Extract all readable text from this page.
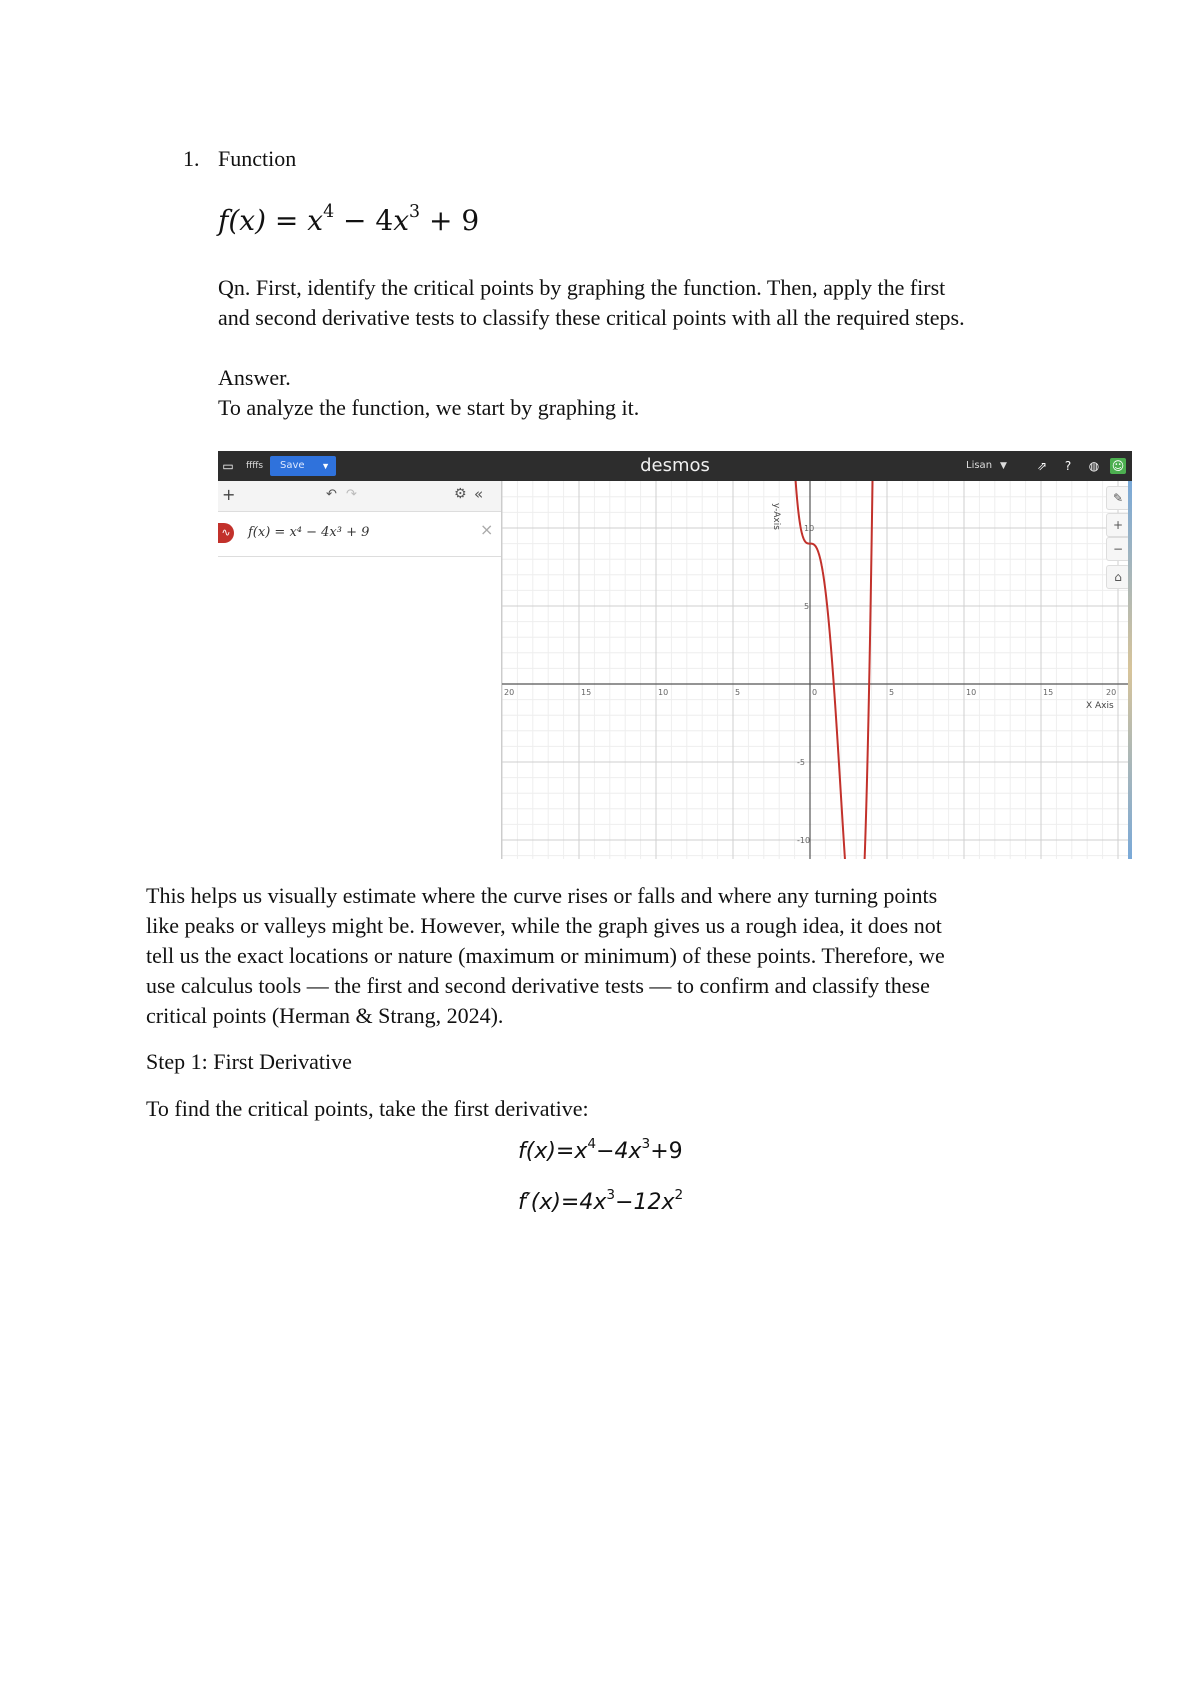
1. Function
$f(x) = x^4 - 4x^3 + 9$
Qn. First, identify the critical points by graphing the function. Then, apply the first
and second derivative tests to classify these critical points with all the required steps.
Answer.
To analyze the function, we start by graphing it.
▭ ffffs Save ▼	desmos	Lisan ▼	⇗	?	◍ ☺
+	↶ ↷	⚙ «
∿ f(x) = x⁴ − 4x³ + 9	×
20	15	10	5	0	5	10	15	20
10
5
-5
-10
y-Axis
X Axis
✎
+
−
⌂
This helps us visually estimate where the curve rises or falls and where any turning points
like peaks or valleys might be. However, while the graph gives us a rough idea, it does not
tell us the exact locations or nature (maximum or minimum) of these points. Therefore, we
use calculus tools — the first and second derivative tests — to confirm and classify these
critical points (Herman & Strang, 2024).
Step 1: First Derivative
To find the critical points, take the first derivative:
$f(x)=x^4-4x^3+9$
$f'(x)=4x^3-12x^2$
